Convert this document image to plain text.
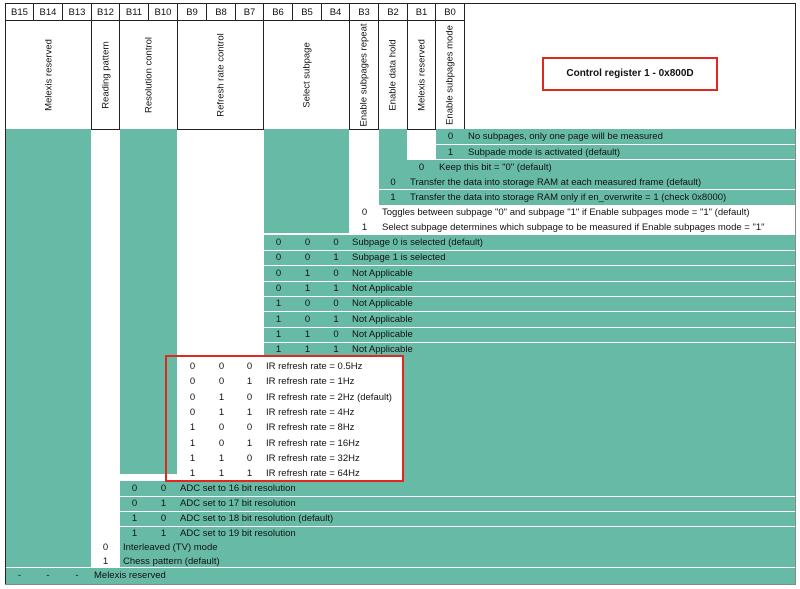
B15	B14	B13	B12	B11	B10	B9	B8	B7	B6	B5	B4	B3	B2	B1	B0
Melexis reserved	Reading pattern	Resolution control	Refresh rate control	Select subpage	Enable subpages repeat	Enable data hold	Melexis reserved	Enable subpages mode	Control register 1 - 0x800D
0	No subpages, only one page will be measured
1	Subpade mode is activated (default)
0	Keep this bit = "0" (default)
0	Transfer the data into storage RAM at each measured frame (default)
1	Transfer the data into storage RAM only if en_overwrite = 1 (check 0x8000)
0	Toggles between subpage "0" and subpage "1" if Enable subpages mode = "1" (default)
1	Select subpage determines which subpage to be measured if Enable subpages mode = "1"
0	0	0	Subpage 0 is selected (default)
0	0	1	Subpage 1 is selected
0	1	0	Not Applicable
0	1	1	Not Applicable
1	0	0	Not Applicable
1	0	1	Not Applicable
1	1	0	Not Applicable
1	1	1	Not Applicable
0	0	0	IR refresh rate = 0.5Hz
0	0	1	IR refresh rate = 1Hz
0	1	0	IR refresh rate = 2Hz (default)
0	1	1	IR refresh rate = 4Hz
1	0	0	IR refresh rate = 8Hz
1	0	1	IR refresh rate = 16Hz
1	1	0	IR refresh rate = 32Hz
1	1	1	IR refresh rate = 64Hz
0	0	ADC set to 16 bit resolution
0	1	ADC set to 17 bit resolution
1	0	ADC set to 18 bit resolution (default)
1	1	ADC set to 19 bit resolution
0	Interleaved (TV) mode
1	Chess pattern (default)
-	-	-	Melexis reserved
